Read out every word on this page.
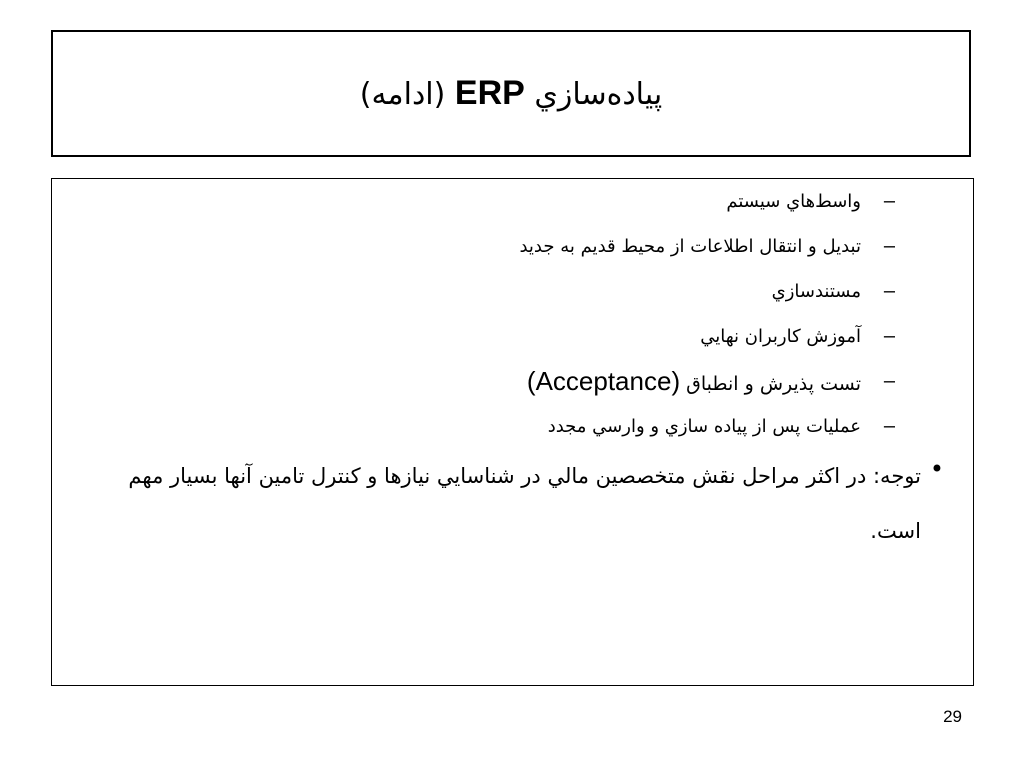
پیاده‌سازي ERP (ادامه)
–
واسط‌هاي سيستم
–
تبديل و انتقال اطلاعات از محيط قديم به جديد
–
مستندسازي
–
آموزش كاربران نهايي
–
تست پذيرش و انطباق (Acceptance)
–
عمليات پس از پياده سازي و وارسي مجدد
•
توجه: در اكثر مراحل نقش متخصصين مالي در شناسايي نيازها و كنترل تامين آنها بسيار مهم است.
29
